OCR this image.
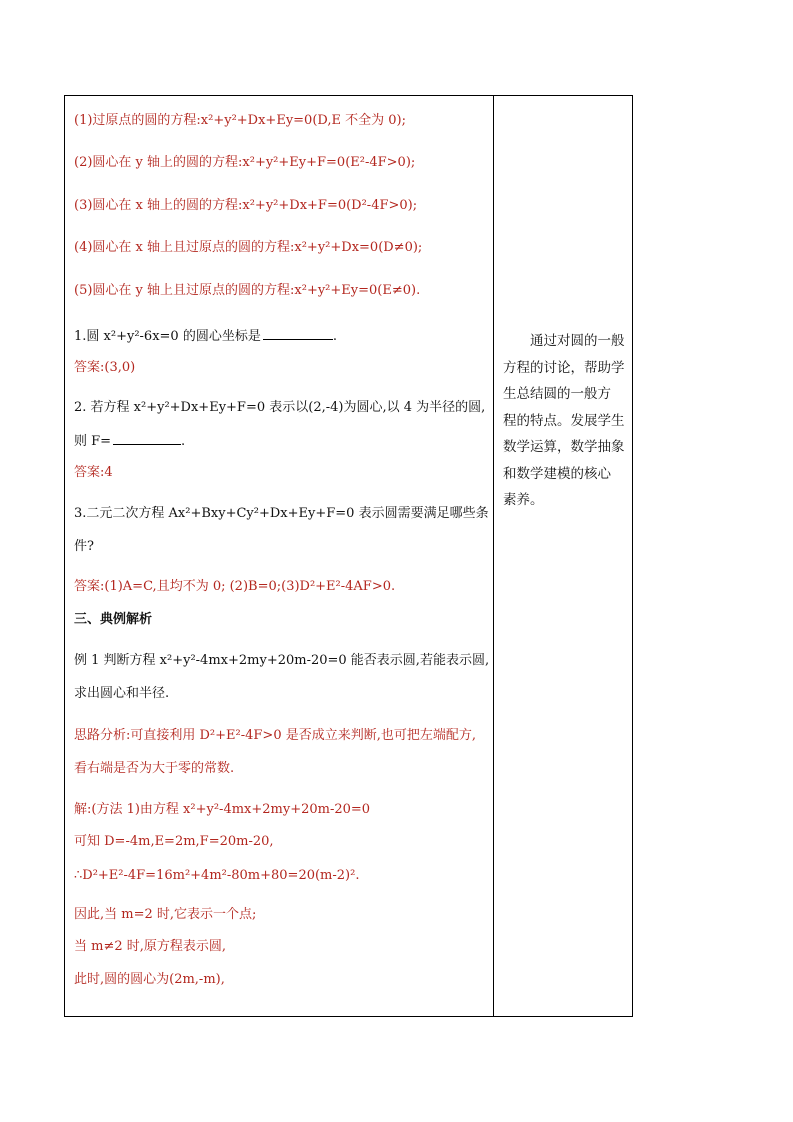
(1)过原点的圆的方程:x²+y²+Dx+Ey=0(D,E 不全为 0);
(2)圆心在 y 轴上的圆的方程:x²+y²+Ey+F=0(E²-4F>0);
(3)圆心在 x 轴上的圆的方程:x²+y²+Dx+F=0(D²-4F>0);
(4)圆心在 x 轴上且过原点的圆的方程:x²+y²+Dx=0(D≠0);
(5)圆心在 y 轴上且过原点的圆的方程:x²+y²+Ey=0(E≠0).
1.圆 x²+y²-6x=0 的圆心坐标是	.
答案:(3,0)
2. 若方程 x²+y²+Dx+Ey+F=0 表示以(2,-4)为圆心,以 4 为半径的圆,
则 F=	.
答案:4
3.二元二次方程 Ax²+Bxy+Cy²+Dx+Ey+F=0 表示圆需要满足哪些条
件?
答案:(1)A=C,且均不为 0; (2)B=0;(3)D²+E²-4AF>0.
三、典例解析
例 1 判断方程 x²+y²-4mx+2my+20m-20=0 能否表示圆,若能表示圆,
求出圆心和半径.
思路分析:可直接利用 D²+E²-4F>0 是否成立来判断,也可把左端配方,
看右端是否为大于零的常数.
解:(方法 1)由方程 x²+y²-4mx+2my+20m-20=0
可知 D=-4m,E=2m,F=20m-20,
∴D²+E²-4F=16m²+4m²-80m+80=20(m-2)².
因此,当 m=2 时,它表示一个点;
当 m≠2 时,原方程表示圆,
此时,圆的圆心为(2m,-m),
通过对圆的一般
方程的讨论，帮助学
生总结圆的一般方
程的特点。发展学生
数学运算，数学抽象
和数学建模的核心
素养。
